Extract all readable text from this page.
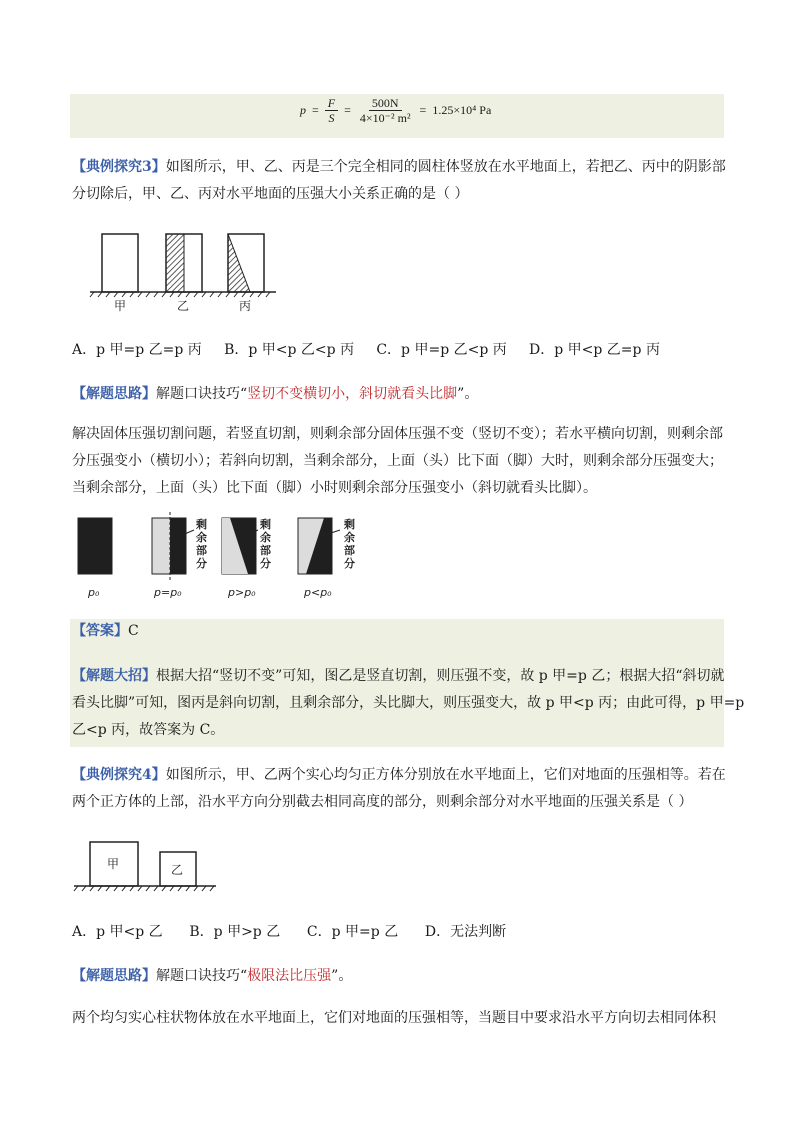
$p = \frac{F}{S} = \frac{500N}{\text{4×10⁻² m²}} = 1.25\times 10^4$ Pa
【典例探究3】如图所示，甲、乙、丙是三个完全相同的圆柱体竖放在水平地面上，若把乙、丙中的阴影部
分切除后，甲、乙、丙对水平地面的压强大小关系正确的是（ ）
甲	乙	丙
A．p 甲=p 乙=p 丙 B．p 甲<p 乙<p 丙 C．p 甲=p 乙<p 丙 D．p 甲<p 乙=p 丙
【解题思路】解题口诀技巧“竖切不变横切小，斜切就看头比脚”。
解决固体压强切割问题，若竖直切割，则剩余部分固体压强不变（竖切不变）；若水平横向切割，则剩余部
分压强变小（横切小）；若斜向切割，当剩余部分，上面（头）比下面（脚）大时，则剩余部分压强变大；
当剩余部分，上面（头）比下面（脚）小时则剩余部分压强变小（斜切就看头比脚）。
剩 余 部 分
剩 余 部 分
剩 余 部 分
p₀	p=p₀	p>p₀	p<p₀
【答案】C
【解题大招】根据大招“竖切不变”可知，图乙是竖直切割，则压强不变，故 p 甲=p 乙；根据大招“斜切就
看头比脚”可知，图丙是斜向切割，且剩余部分，头比脚大，则压强变大，故 p 甲<p 丙；由此可得，p 甲=p
乙<p 丙，故答案为 C。
【典例探究4】如图所示，甲、乙两个实心均匀正方体分别放在水平地面上，它们对地面的压强相等。若在
两个正方体的上部，沿水平方向分别截去相同高度的部分，则剩余部分对水平地面的压强关系是（ ）
甲	乙
A．p 甲<p 乙 B．p 甲>p 乙 C．p 甲=p 乙 D．无法判断
【解题思路】解题口诀技巧“极限法比压强”。
两个均匀实心柱状物体放在水平地面上，它们对地面的压强相等，当题目中要求沿水平方向切去相同体积
